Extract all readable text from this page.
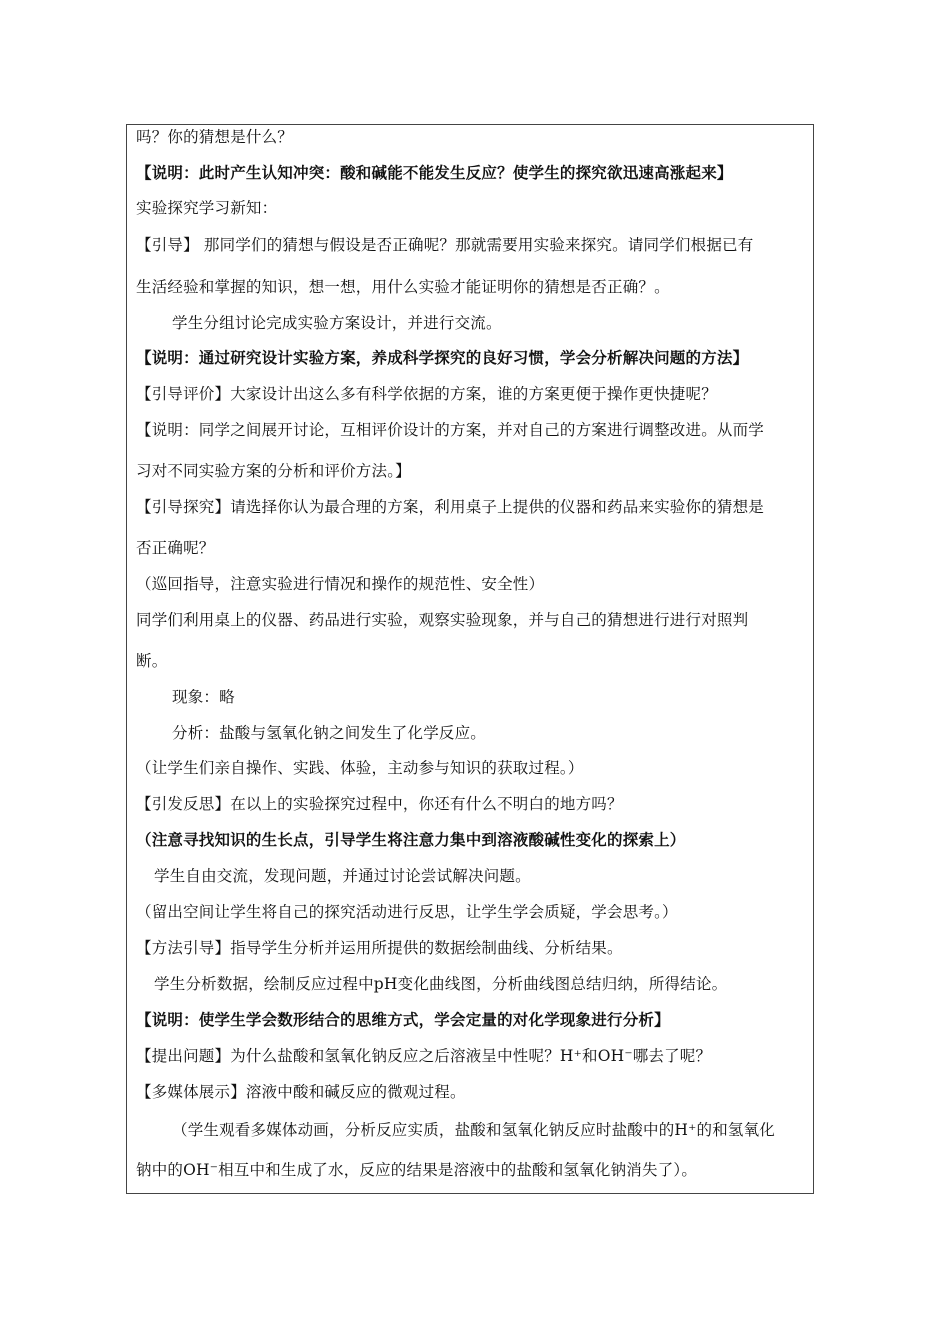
吗？你的猜想是什么？
【说明：此时产生认知冲突：酸和碱能不能发生反应？使学生的探究欲迅速高涨起来】
实验探究学习新知：
【引导】 那同学们的猜想与假设是否正确呢？那就需要用实验来探究。请同学们根据已有
生活经验和掌握的知识，想一想，用什么实验才能证明你的猜想是否正确？。
学生分组讨论完成实验方案设计，并进行交流。
【说明：通过研究设计实验方案，养成科学探究的良好习惯，学会分析解决问题的方法】
【引导评价】大家设计出这么多有科学依据的方案，谁的方案更便于操作更快捷呢？
【说明：同学之间展开讨论，互相评价设计的方案，并对自己的方案进行调整改进。从而学
习对不同实验方案的分析和评价方法。】
【引导探究】请选择你认为最合理的方案，利用桌子上提供的仪器和药品来实验你的猜想是
否正确呢？
（巡回指导，注意实验进行情况和操作的规范性、安全性）
同学们利用桌上的仪器、药品进行实验，观察实验现象，并与自己的猜想进行进行对照判
断。
现象：略
分析：盐酸与氢氧化钠之间发生了化学反应。
（让学生们亲自操作、实践、体验，主动参与知识的获取过程。）
【引发反思】在以上的实验探究过程中，你还有什么不明白的地方吗？
（注意寻找知识的生长点，引导学生将注意力集中到溶液酸碱性变化的探索上）
学生自由交流，发现问题，并通过讨论尝试解决问题。
（留出空间让学生将自己的探究活动进行反思，让学生学会质疑，学会思考。）
【方法引导】指导学生分析并运用所提供的数据绘制曲线、分析结果。
学生分析数据，绘制反应过程中pH变化曲线图，分析曲线图总结归纳，所得结论。
【说明：使学生学会数形结合的思维方式，学会定量的对化学现象进行分析】
【提出问题】为什么盐酸和氢氧化钠反应之后溶液呈中性呢？H⁺和OH⁻哪去了呢？
【多媒体展示】溶液中酸和碱反应的微观过程。
（学生观看多媒体动画，分析反应实质，盐酸和氢氧化钠反应时盐酸中的H⁺的和氢氧化
钠中的OH⁻相互中和生成了水，反应的结果是溶液中的盐酸和氢氧化钠消失了）。
